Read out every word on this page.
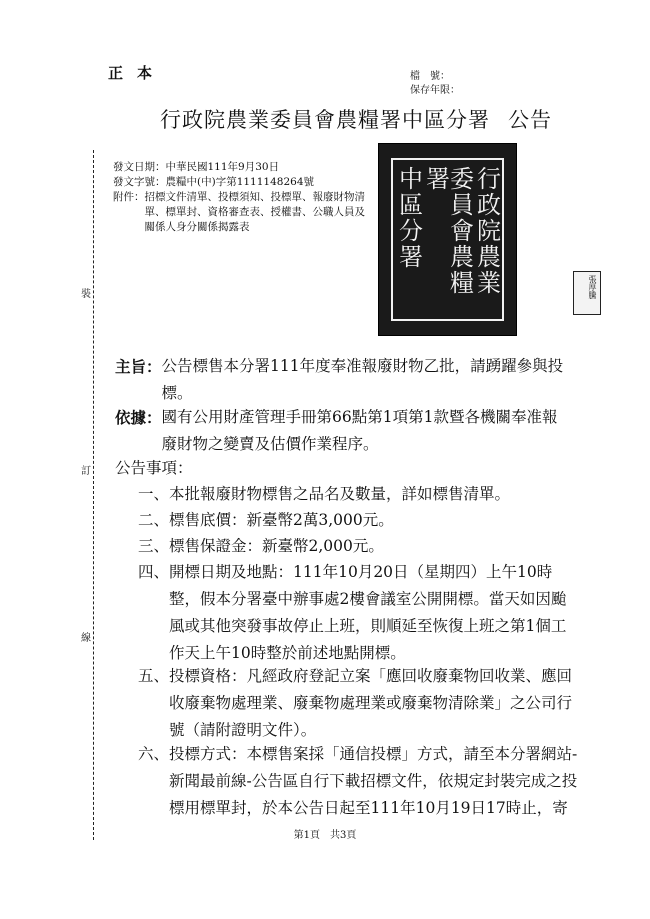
正本	檔　號：
保存年限：
行政院農業委員會農糧署中區分署 公告
發文日期： 中華民國111年9月30日
發文字號： 農糧中(中)字第1111148264號
附件： 招標文件清單、投標須知、投標單、報廢財物清單、標單封、資格審查表、授權書、公職人員及關係人身分關係揭露表	行政院農業
委員會農糧署
中區分署
張厚騰
裝
訂
線
主旨： 公告標售本分署111年度奉准報廢財物乙批，請踴躍參與投標。
依據： 國有公用財產管理手冊第66點第1項第1款暨各機關奉准報廢財物之變賣及估價作業程序。
公告事項：
一、 本批報廢財物標售之品名及數量，詳如標售清單。
二、 標售底價：新臺幣2萬3,000元。
三、 標售保證金：新臺幣2,000元。
四、 開標日期及地點：111年10月20日（星期四）上午10時整，假本分署臺中辦事處2樓會議室公開開標。當天如因颱風或其他突發事故停止上班，則順延至恢復上班之第1個工作天上午10時整於前述地點開標。
五、 投標資格：凡經政府登記立案「應回收廢棄物回收業、應回收廢棄物處理業、廢棄物處理業或廢棄物清除業」之公司行號（請附證明文件）。
六、 投標方式：本標售案採「通信投標」方式，請至本分署網站-新聞最前線-公告區自行下載招標文件，依規定封裝完成之投標用標單封，於本公告日起至111年10月19日17時止，寄
第1頁　共3頁
